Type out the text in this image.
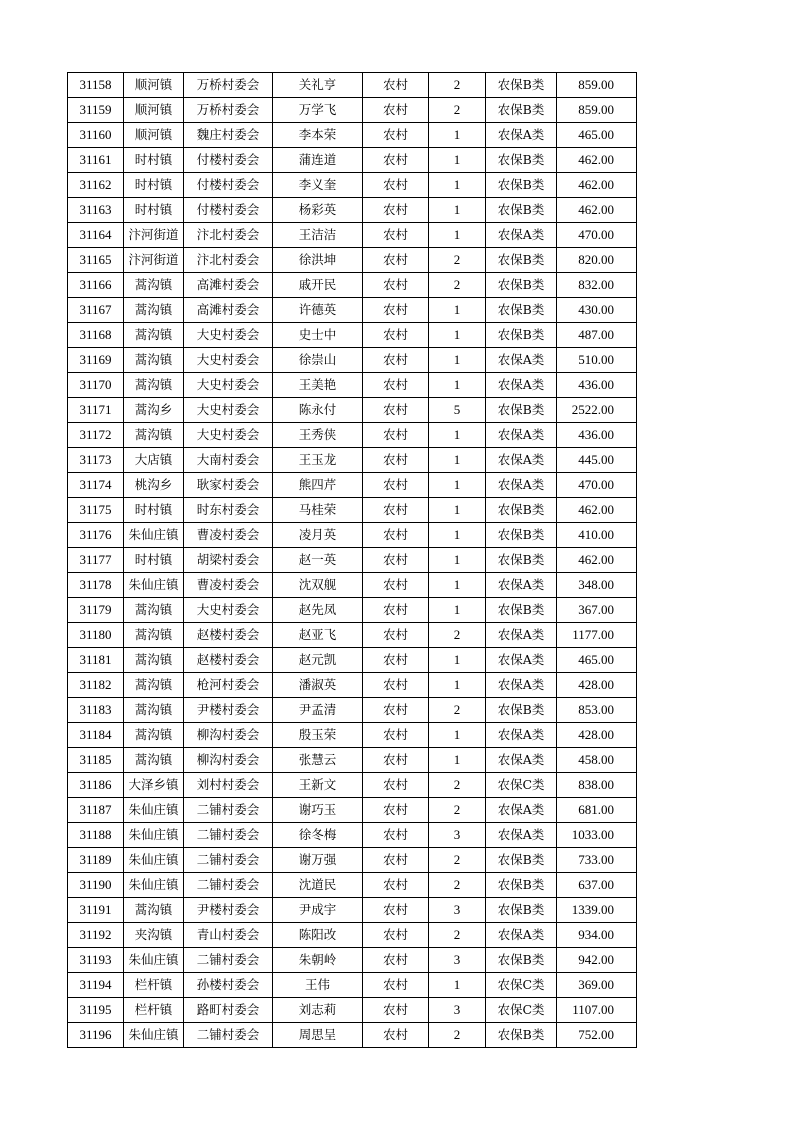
31158	顺河镇	万桥村委会	关礼亨	农村	2	农保B类	859.00
31159	顺河镇	万桥村委会	万学飞	农村	2	农保B类	859.00
31160	顺河镇	魏庄村委会	李本荣	农村	1	农保A类	465.00
31161	时村镇	付楼村委会	蒲连道	农村	1	农保B类	462.00
31162	时村镇	付楼村委会	李义奎	农村	1	农保B类	462.00
31163	时村镇	付楼村委会	杨彩英	农村	1	农保B类	462.00
31164	汴河街道	汴北村委会	王洁洁	农村	1	农保A类	470.00
31165	汴河街道	汴北村委会	徐洪坤	农村	2	农保B类	820.00
31166	蒿沟镇	高滩村委会	戚开民	农村	2	农保B类	832.00
31167	蒿沟镇	高滩村委会	许德英	农村	1	农保B类	430.00
31168	蒿沟镇	大史村委会	史士中	农村	1	农保B类	487.00
31169	蒿沟镇	大史村委会	徐崇山	农村	1	农保A类	510.00
31170	蒿沟镇	大史村委会	王美艳	农村	1	农保A类	436.00
31171	蒿沟乡	大史村委会	陈永付	农村	5	农保B类	2522.00
31172	蒿沟镇	大史村委会	王秀侠	农村	1	农保A类	436.00
31173	大店镇	大南村委会	王玉龙	农村	1	农保A类	445.00
31174	桃沟乡	耿家村委会	熊四芹	农村	1	农保A类	470.00
31175	时村镇	时东村委会	马桂荣	农村	1	农保B类	462.00
31176	朱仙庄镇	曹凌村委会	凌月英	农村	1	农保B类	410.00
31177	时村镇	胡梁村委会	赵一英	农村	1	农保B类	462.00
31178	朱仙庄镇	曹凌村委会	沈双舰	农村	1	农保A类	348.00
31179	蒿沟镇	大史村委会	赵先凤	农村	1	农保B类	367.00
31180	蒿沟镇	赵楼村委会	赵亚飞	农村	2	农保A类	1177.00
31181	蒿沟镇	赵楼村委会	赵元凯	农村	1	农保A类	465.00
31182	蒿沟镇	枪河村委会	潘淑英	农村	1	农保A类	428.00
31183	蒿沟镇	尹楼村委会	尹孟清	农村	2	农保B类	853.00
31184	蒿沟镇	柳沟村委会	殷玉荣	农村	1	农保A类	428.00
31185	蒿沟镇	柳沟村委会	张慧云	农村	1	农保A类	458.00
31186	大泽乡镇	刘村村委会	王新文	农村	2	农保C类	838.00
31187	朱仙庄镇	二铺村委会	谢巧玉	农村	2	农保A类	681.00
31188	朱仙庄镇	二铺村委会	徐冬梅	农村	3	农保A类	1033.00
31189	朱仙庄镇	二铺村委会	谢万强	农村	2	农保B类	733.00
31190	朱仙庄镇	二铺村委会	沈道民	农村	2	农保B类	637.00
31191	蒿沟镇	尹楼村委会	尹成宇	农村	3	农保B类	1339.00
31192	夹沟镇	青山村委会	陈阳改	农村	2	农保A类	934.00
31193	朱仙庄镇	二铺村委会	朱朝岭	农村	3	农保B类	942.00
31194	栏杆镇	孙楼村委会	王伟	农村	1	农保C类	369.00
31195	栏杆镇	路町村委会	刘志莉	农村	3	农保C类	1107.00
31196	朱仙庄镇	二铺村委会	周思呈	农村	2	农保B类	752.00
